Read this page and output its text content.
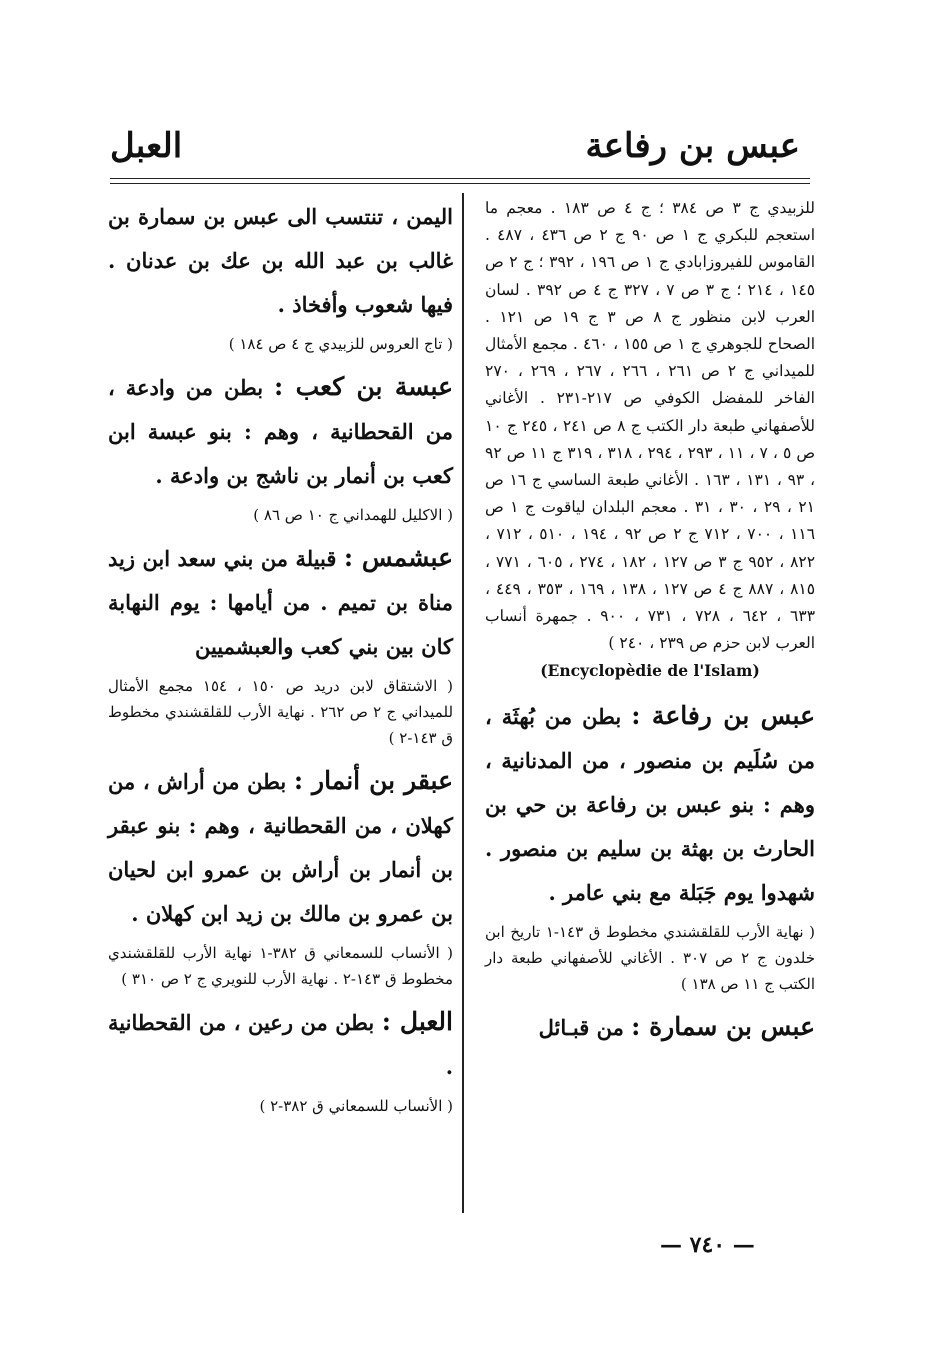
عبس بن رفاعة
العبل

للزبيدي ج ٣ ص ٣٨٤ ؛ ج ٤ ص ١٨٣ . معجم ما استعجم للبكري ج ١ ص ٩٠ ج ٢ ص ٤٣٦ ، ٤٨٧ . القاموس للفيروزابادي ج ١ ص ١٩٦ ، ٣٩٢ ؛ ج ٢ ص ١٤٥ ، ٢١٤ ؛ ج ٣ ص ٧ ، ٣٢٧ ج ٤ ص ٣٩٢ . لسان العرب لابن منظور ج ٨ ص ٣ ج ١٩ ص ١٢١ . الصحاح للجوهري ج ١ ص ١٥٥ ، ٤٦٠ . مجمع الأمثال للميداني ج ٢ ص ٢٦١ ، ٢٦٦ ، ٢٦٧ ، ٢٦٩ ، ٢٧٠ الفاخر للمفضل الكوفي ص ٢١٧-٢٣١ . الأغاني للأصفهاني طبعة دار الكتب ج ٨ ص ٢٤١ ، ٢٤٥ ج ١٠ ص ٥ ، ٧ ، ١١ ، ٢٩٣ ، ٢٩٤ ، ٣١٨ ، ٣١٩ ج ١١ ص ٩٢ ، ٩٣ ، ١٣١ ، ١٦٣ . الأغاني طبعة الساسي ج ١٦ ص ٢١ ، ٢٩ ، ٣٠ ، ٣١ . معجم البلدان لياقوت ج ١ ص ١١٦ ، ٧٠٠ ، ٧١٢ ج ٢ ص ٩٢ ، ١٩٤ ، ٥١٠ ، ٧١٢ ، ٨٢٢ ، ٩٥٢ ج ٣ ص ١٢٧ ، ١٨٢ ، ٢٧٤ ، ٦٠٥ ، ٧٧١ ، ٨١٥ ، ٨٨٧ ج ٤ ص ١٢٧ ، ١٣٨ ، ١٦٩ ، ٣٥٣ ، ٤٤٩ ، ٦٣٣ ، ٦٤٢ ، ٧٢٨ ، ٧٣١ ، ٩٠٠ . جمهرة أنساب العرب لابن حزم ص ٢٣٩ ، ٢٤٠ )

(Encyclopèdie de l'Islam)

عبس بن رفاعة : بطن من بُهثَة ، من سُلَيم بن منصور ، من المدنانية ، وهم : بنو عبس بن رفاعة بن حي بن الحارث بن بهثة بن سليم بن منصور . شهدوا يوم جَبَلة مع بني عامر .

( نهاية الأرب للقلقشندي مخطوط ق ١٤٣-١ تاريخ ابن خلدون ج ٢ ص ٣٠٧ . الأغاني للأصفهاني طبعة دار الكتب ج ١١ ص ١٣٨ )

عبس بن سمارة : من قبـائل

اليمن ، تنتسب الى عبس بن سمارة بن غالب بن عبد الله بن عك بن عدنان . فيها شعوب وأفخاذ .

( تاج العروس للزبيدي ج ٤ ص ١٨٤ )

عبسة بن كعب : بطن من وادعة ، من القحطانية ، وهم : بنو عبسة ابن كعب بن أنمار بن ناشج بن وادعة .

( الاكليل للهمداني ج ١٠ ص ٨٦ )

عبشمس : قبيلة من بني سعد ابن زيد مناة بن تميم . من أيامها : يوم النهابة كان بين بني كعب والعبشميين

( الاشتقاق لابن دريد ص ١٥٠ ، ١٥٤ مجمع الأمثال للميداني ج ٢ ص ٢٦٢ . نهاية الأرب للقلقشندي مخطوط ق ١٤٣-٢ )

عبقر بن أنمار : بطن من أراش ، من كهلان ، من القحطانية ، وهم : بنو عبقر بن أنمار بن أراش بن عمرو ابن لحيان بن عمرو بن مالك بن زيد ابن كهلان .

( الأنساب للسمعاني ق ٣٨٢-١ نهاية الأرب للقلقشندي مخطوط ق ١٤٣-٢ . نهاية الأرب للنويري ج ٢ ص ٣١٠ )

العبل : بطن من رعين ، من القحطانية .

( الأنساب للسمعاني ق ٣٨٢-٢ )

— ٧٤٠ —
